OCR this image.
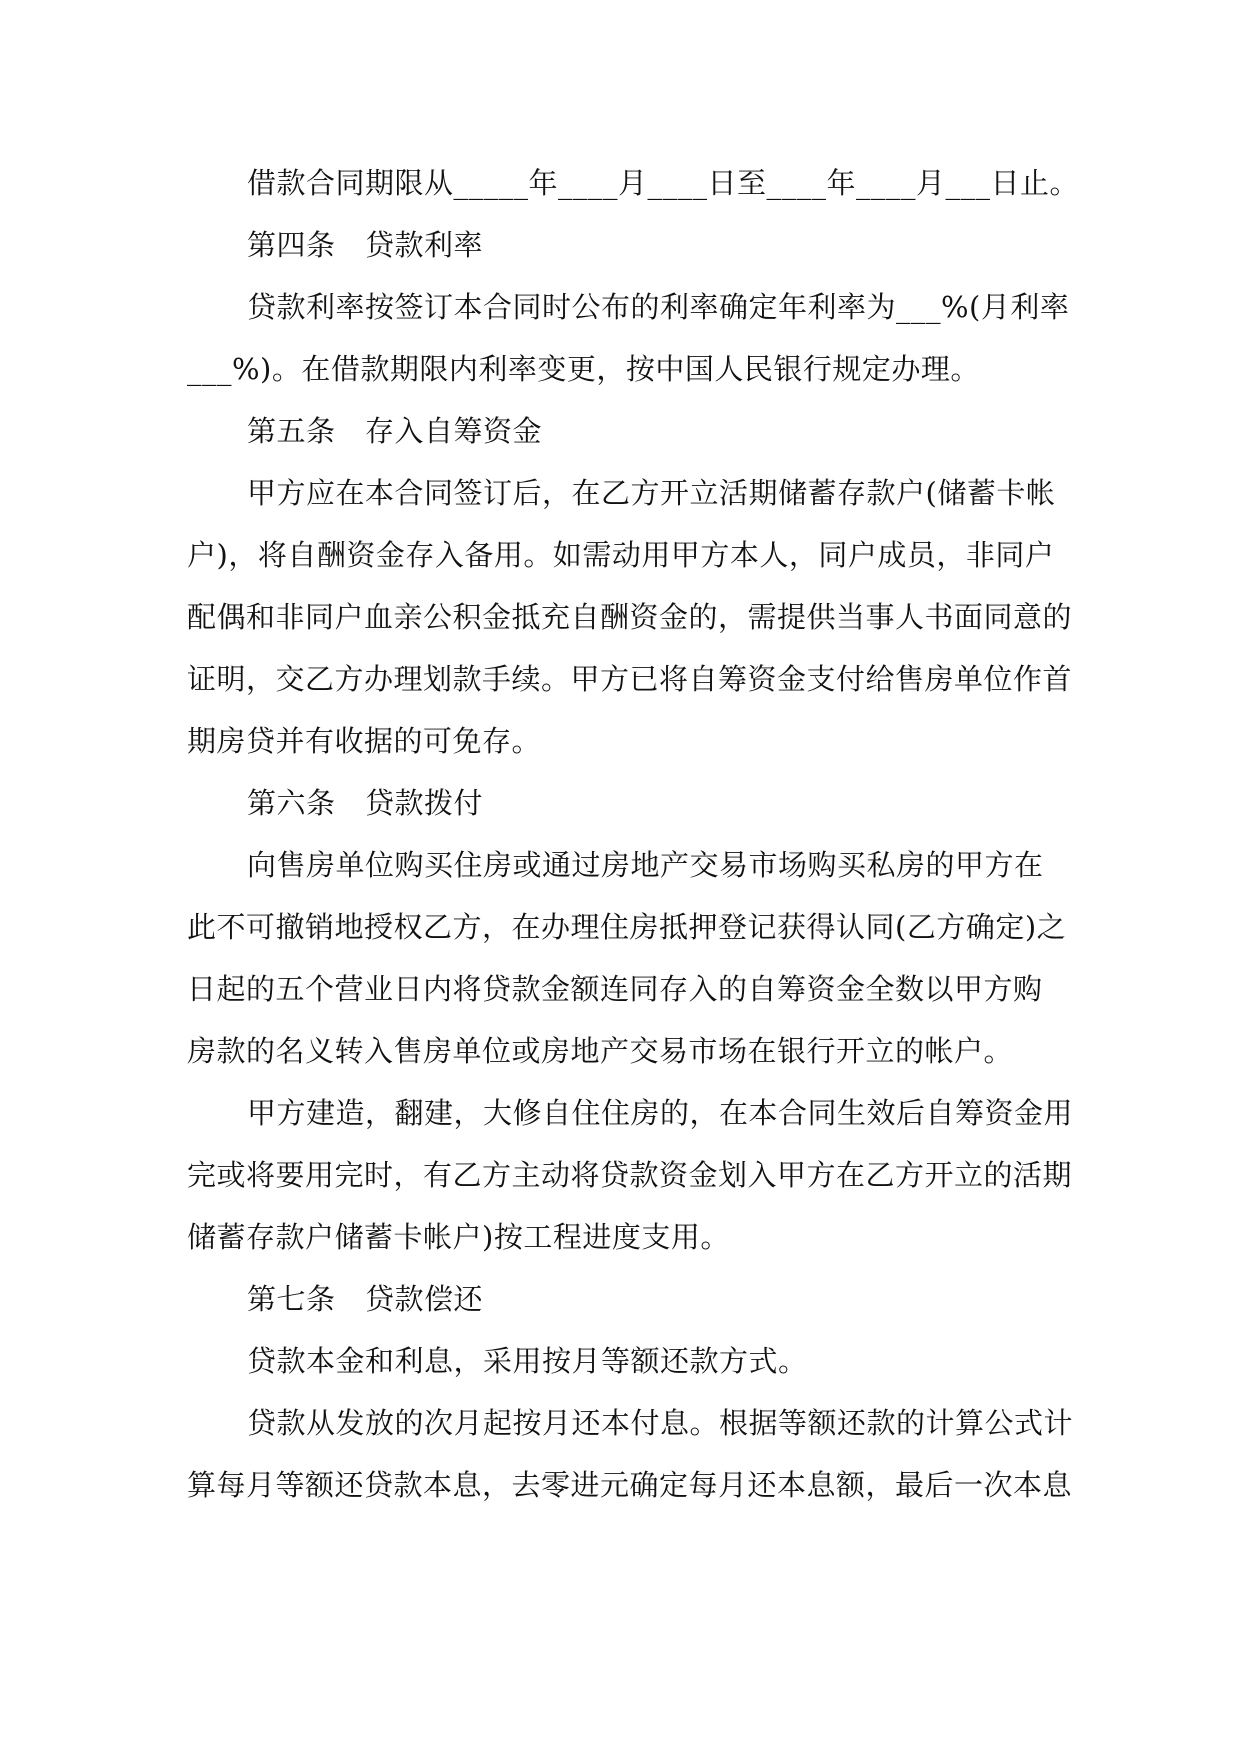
借款合同期限从_____年____月____日至____年____月___日止。
第四条　贷款利率
贷款利率按签订本合同时公布的利率确定年利率为___%(月利率
___%)。在借款期限内利率变更，按中国人民银行规定办理。
第五条　存入自筹资金
甲方应在本合同签订后，在乙方开立活期储蓄存款户(储蓄卡帐
户)，将自酬资金存入备用。如需动用甲方本人，同户成员，非同户
配偶和非同户血亲公积金抵充自酬资金的，需提供当事人书面同意的
证明，交乙方办理划款手续。甲方已将自筹资金支付给售房单位作首
期房贷并有收据的可免存。
第六条　贷款拨付
向售房单位购买住房或通过房地产交易市场购买私房的甲方在
此不可撤销地授权乙方，在办理住房抵押登记获得认同(乙方确定)之
日起的五个营业日内将贷款金额连同存入的自筹资金全数以甲方购
房款的名义转入售房单位或房地产交易市场在银行开立的帐户。
甲方建造，翻建，大修自住住房的，在本合同生效后自筹资金用
完或将要用完时，有乙方主动将贷款资金划入甲方在乙方开立的活期
储蓄存款户储蓄卡帐户)按工程进度支用。
第七条　贷款偿还
贷款本金和利息，采用按月等额还款方式。
贷款从发放的次月起按月还本付息。根据等额还款的计算公式计
算每月等额还贷款本息，去零进元确定每月还本息额，最后一次本息
